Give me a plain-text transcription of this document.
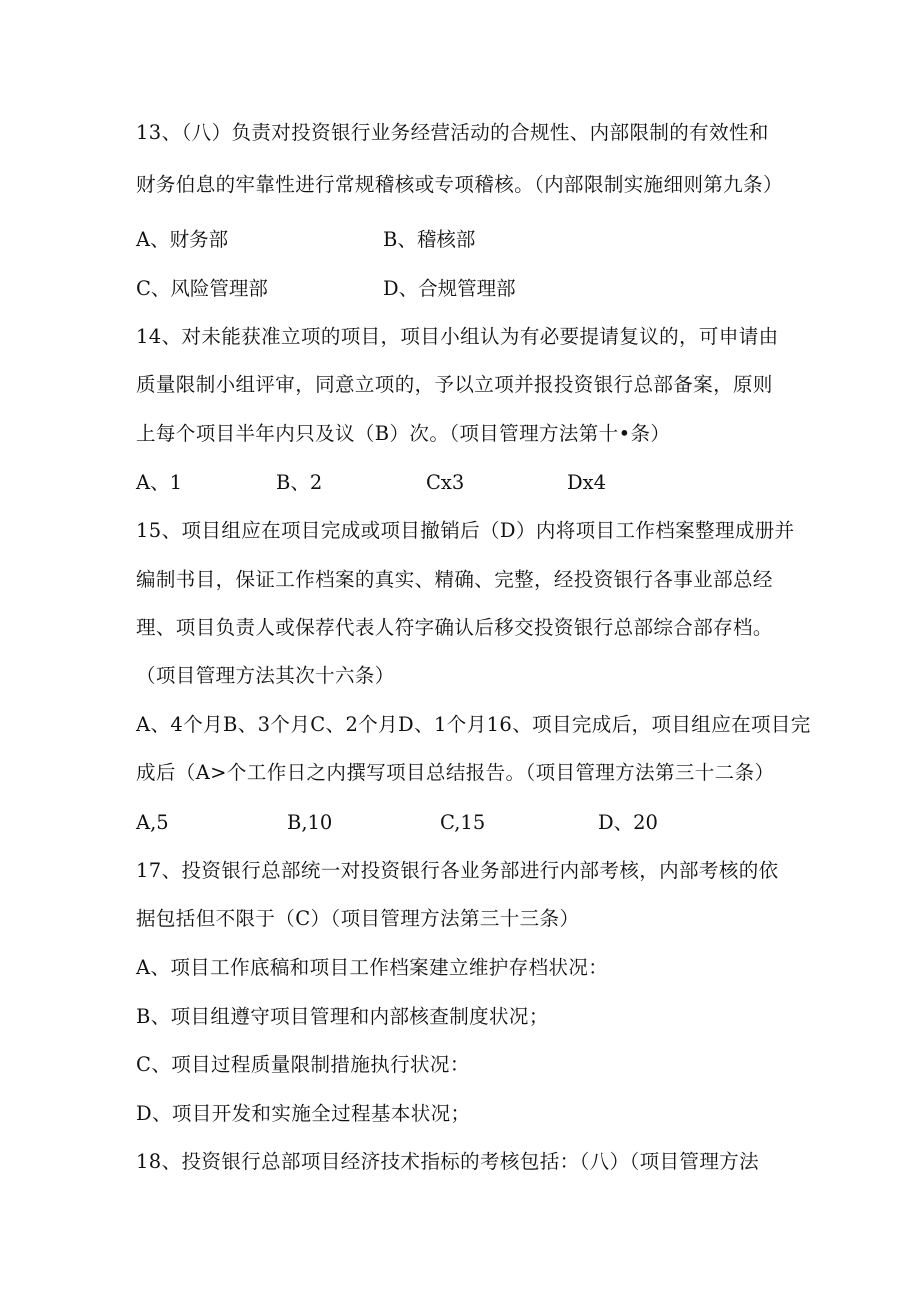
13、（八）负责对投资银行业务经营活动的合规性、内部限制的有效性和
财务伯息的牢靠性进行常规稽核或专项稽核。（内部限制实施细则第九条）
A、财务部	B、稽核部
C、风险管理部	D、合规管理部
14、对未能获准立项的项目，项目小组认为有必要提请复议的，可申请由
质量限制小组评审，同意立项的，予以立项并报投资银行总部备案，原则
上每个项目半年内只及议（B）次。（项目管理方法第十•条）
A、1	B、2	Cx3	Dx4
15、项目组应在项目完成或项目撤销后（D）内将项目工作档案整理成册并
编制书目，保证工作档案的真实、精确、完整，经投资银行各事业部总经
理、项目负责人或保荐代表人符字确认后移交投资银行总部综合部存档。
（项目管理方法其次十六条）
A、4个月B、3个月C、2个月D、1个月16、项目完成后，项目组应在项目完
成后（A>个工作日之内撰写项目总结报告。（项目管理方法第三十二条）
A,5	B,10	C,15	D、20
17、投资银行总部统一对投资银行各业务部进行内部考核，内部考核的依
据包括但不限于（C）（项目管理方法第三十三条）
A、项目工作底稿和项目工作档案建立维护存档状况：
B、项目组遵守项目管理和内部核查制度状况；
C、项目过程质量限制措施执行状况：
D、项目开发和实施全过程基本状况；
18、投资银行总部项目经济技术指标的考核包括：（八）（项目管理方法
